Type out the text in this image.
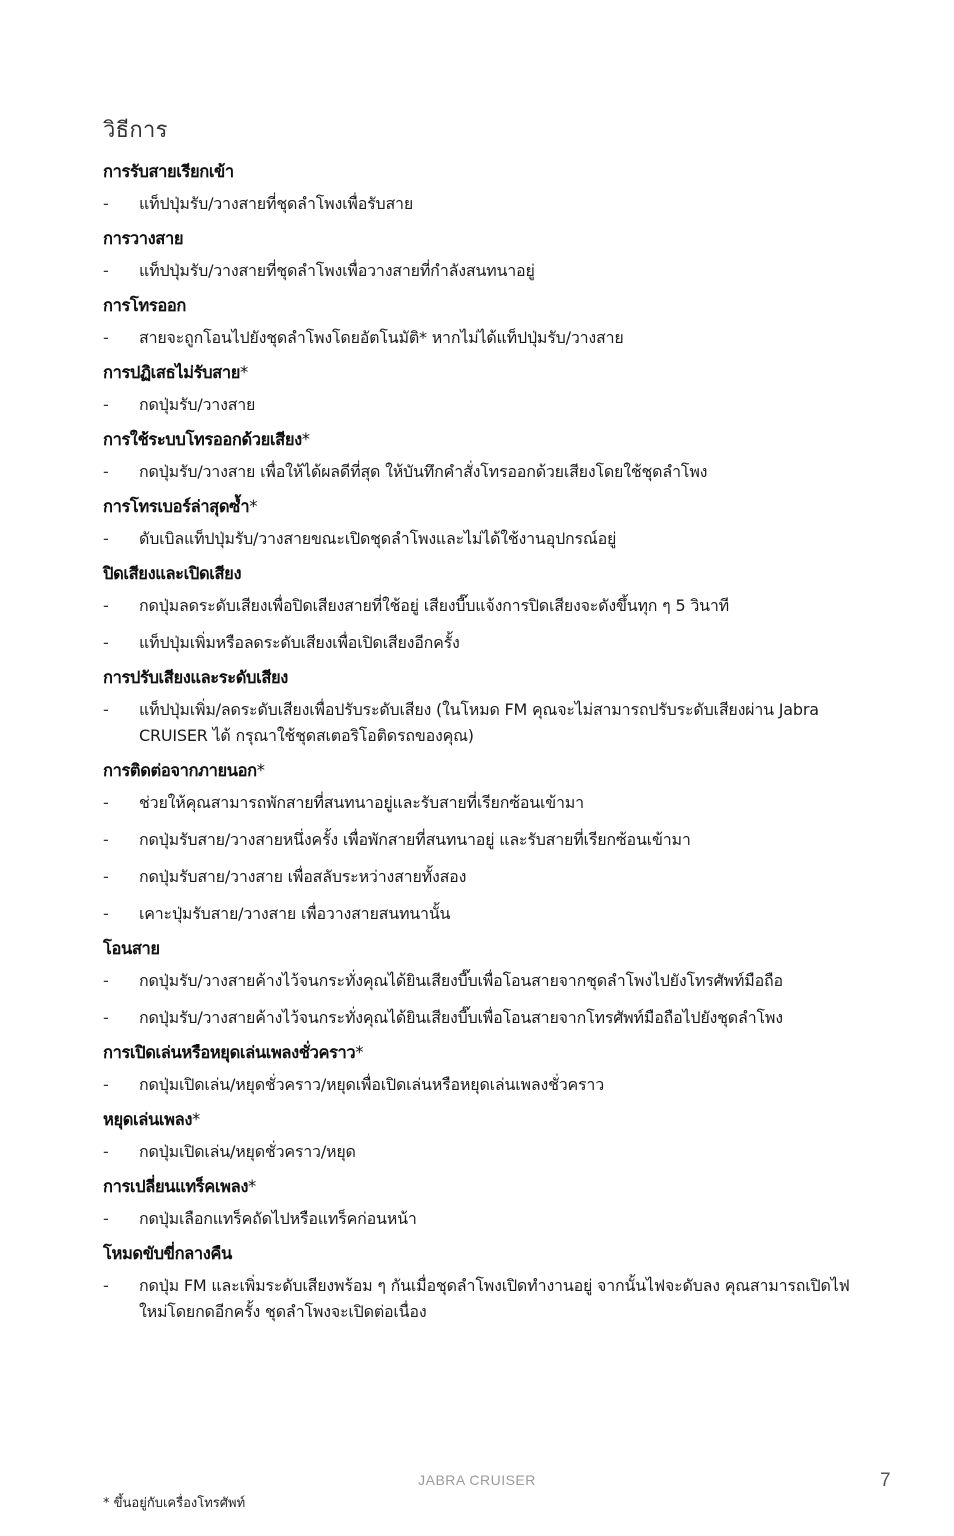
วิธีการ
การรับสายเรียกเข้า
-	แท็ปปุ่มรับ/วางสายที่ชุดลำโพงเพื่อรับสาย
การวางสาย
-	แท็ปปุ่มรับ/วางสายที่ชุดลำโพงเพื่อวางสายที่กำลังสนทนาอยู่
การโทรออก
-	สายจะถูกโอนไปยังชุดลำโพงโดยอัตโนมัติ* หากไม่ได้แท็ปปุ่มรับ/วางสาย
การปฏิเสธไม่รับสาย*
-	กดปุ่มรับ/วางสาย
การใช้ระบบโทรออกด้วยเสียง*
-	กดปุ่มรับ/วางสาย เพื่อให้ได้ผลดีที่สุด ให้บันทึกคำสั่งโทรออกด้วยเสียงโดยใช้ชุดลำโพง
การโทรเบอร์ล่าสุดซ้ำ*
-	ดับเบิลแท็ปปุ่มรับ/วางสายขณะเปิดชุดลำโพงและไม่ได้ใช้งานอุปกรณ์อยู่
ปิดเสียงและเปิดเสียง
-	กดปุ่มลดระดับเสียงเพื่อปิดเสียงสายที่ใช้อยู่ เสียงบี๊บแจ้งการปิดเสียงจะดังขึ้นทุก ๆ 5 วินาที
-	แท็ปปุ่มเพิ่มหรือลดระดับเสียงเพื่อเปิดเสียงอีกครั้ง
การปรับเสียงและระดับเสียง
-	แท็ปปุ่มเพิ่ม/ลดระดับเสียงเพื่อปรับระดับเสียง (ในโหมด FM คุณจะไม่สามารถปรับระดับเสียงผ่าน Jabra CRUISER ได้ กรุณาใช้ชุดสเตอริโอติดรถของคุณ)
การติดต่อจากภายนอก*
-	ช่วยให้คุณสามารถพักสายที่สนทนาอยู่และรับสายที่เรียกซ้อนเข้ามา
-	กดปุ่มรับสาย/วางสายหนึ่งครั้ง เพื่อพักสายที่สนทนาอยู่ และรับสายที่เรียกซ้อนเข้ามา
-	กดปุ่มรับสาย/วางสาย เพื่อสลับระหว่างสายทั้งสอง
-	เคาะปุ่มรับสาย/วางสาย เพื่อวางสายสนทนานั้น
โอนสาย
-	กดปุ่มรับ/วางสายค้างไว้จนกระทั่งคุณได้ยินเสียงบี๊บเพื่อโอนสายจากชุดลำโพงไปยังโทรศัพท์มือถือ
-	กดปุ่มรับ/วางสายค้างไว้จนกระทั่งคุณได้ยินเสียงบี๊บเพื่อโอนสายจากโทรศัพท์มือถือไปยังชุดลำโพง
การเปิดเล่นหรือหยุดเล่นเพลงชั่วคราว*
-	กดปุ่มเปิดเล่น/หยุดชั่วคราว/หยุดเพื่อเปิดเล่นหรือหยุดเล่นเพลงชั่วคราว
หยุดเล่นเพลง*
-	กดปุ่มเปิดเล่น/หยุดชั่วคราว/หยุด
การเปลี่ยนแทร็คเพลง*
-	กดปุ่มเลือกแทร็คถัดไปหรือแทร็คก่อนหน้า
โหมดขับขี่กลางคืน
-	กดปุ่ม FM และเพิ่มระดับเสียงพร้อม ๆ กันเมื่อชุดลำโพงเปิดทำงานอยู่ จากนั้นไฟจะดับลง คุณสามารถเปิดไฟใหม่โดยกดอีกครั้ง ชุดลำโพงจะเปิดต่อเนื่อง
JABRA CRUISER	7
* ขึ้นอยู่กับเครื่องโทรศัพท์
